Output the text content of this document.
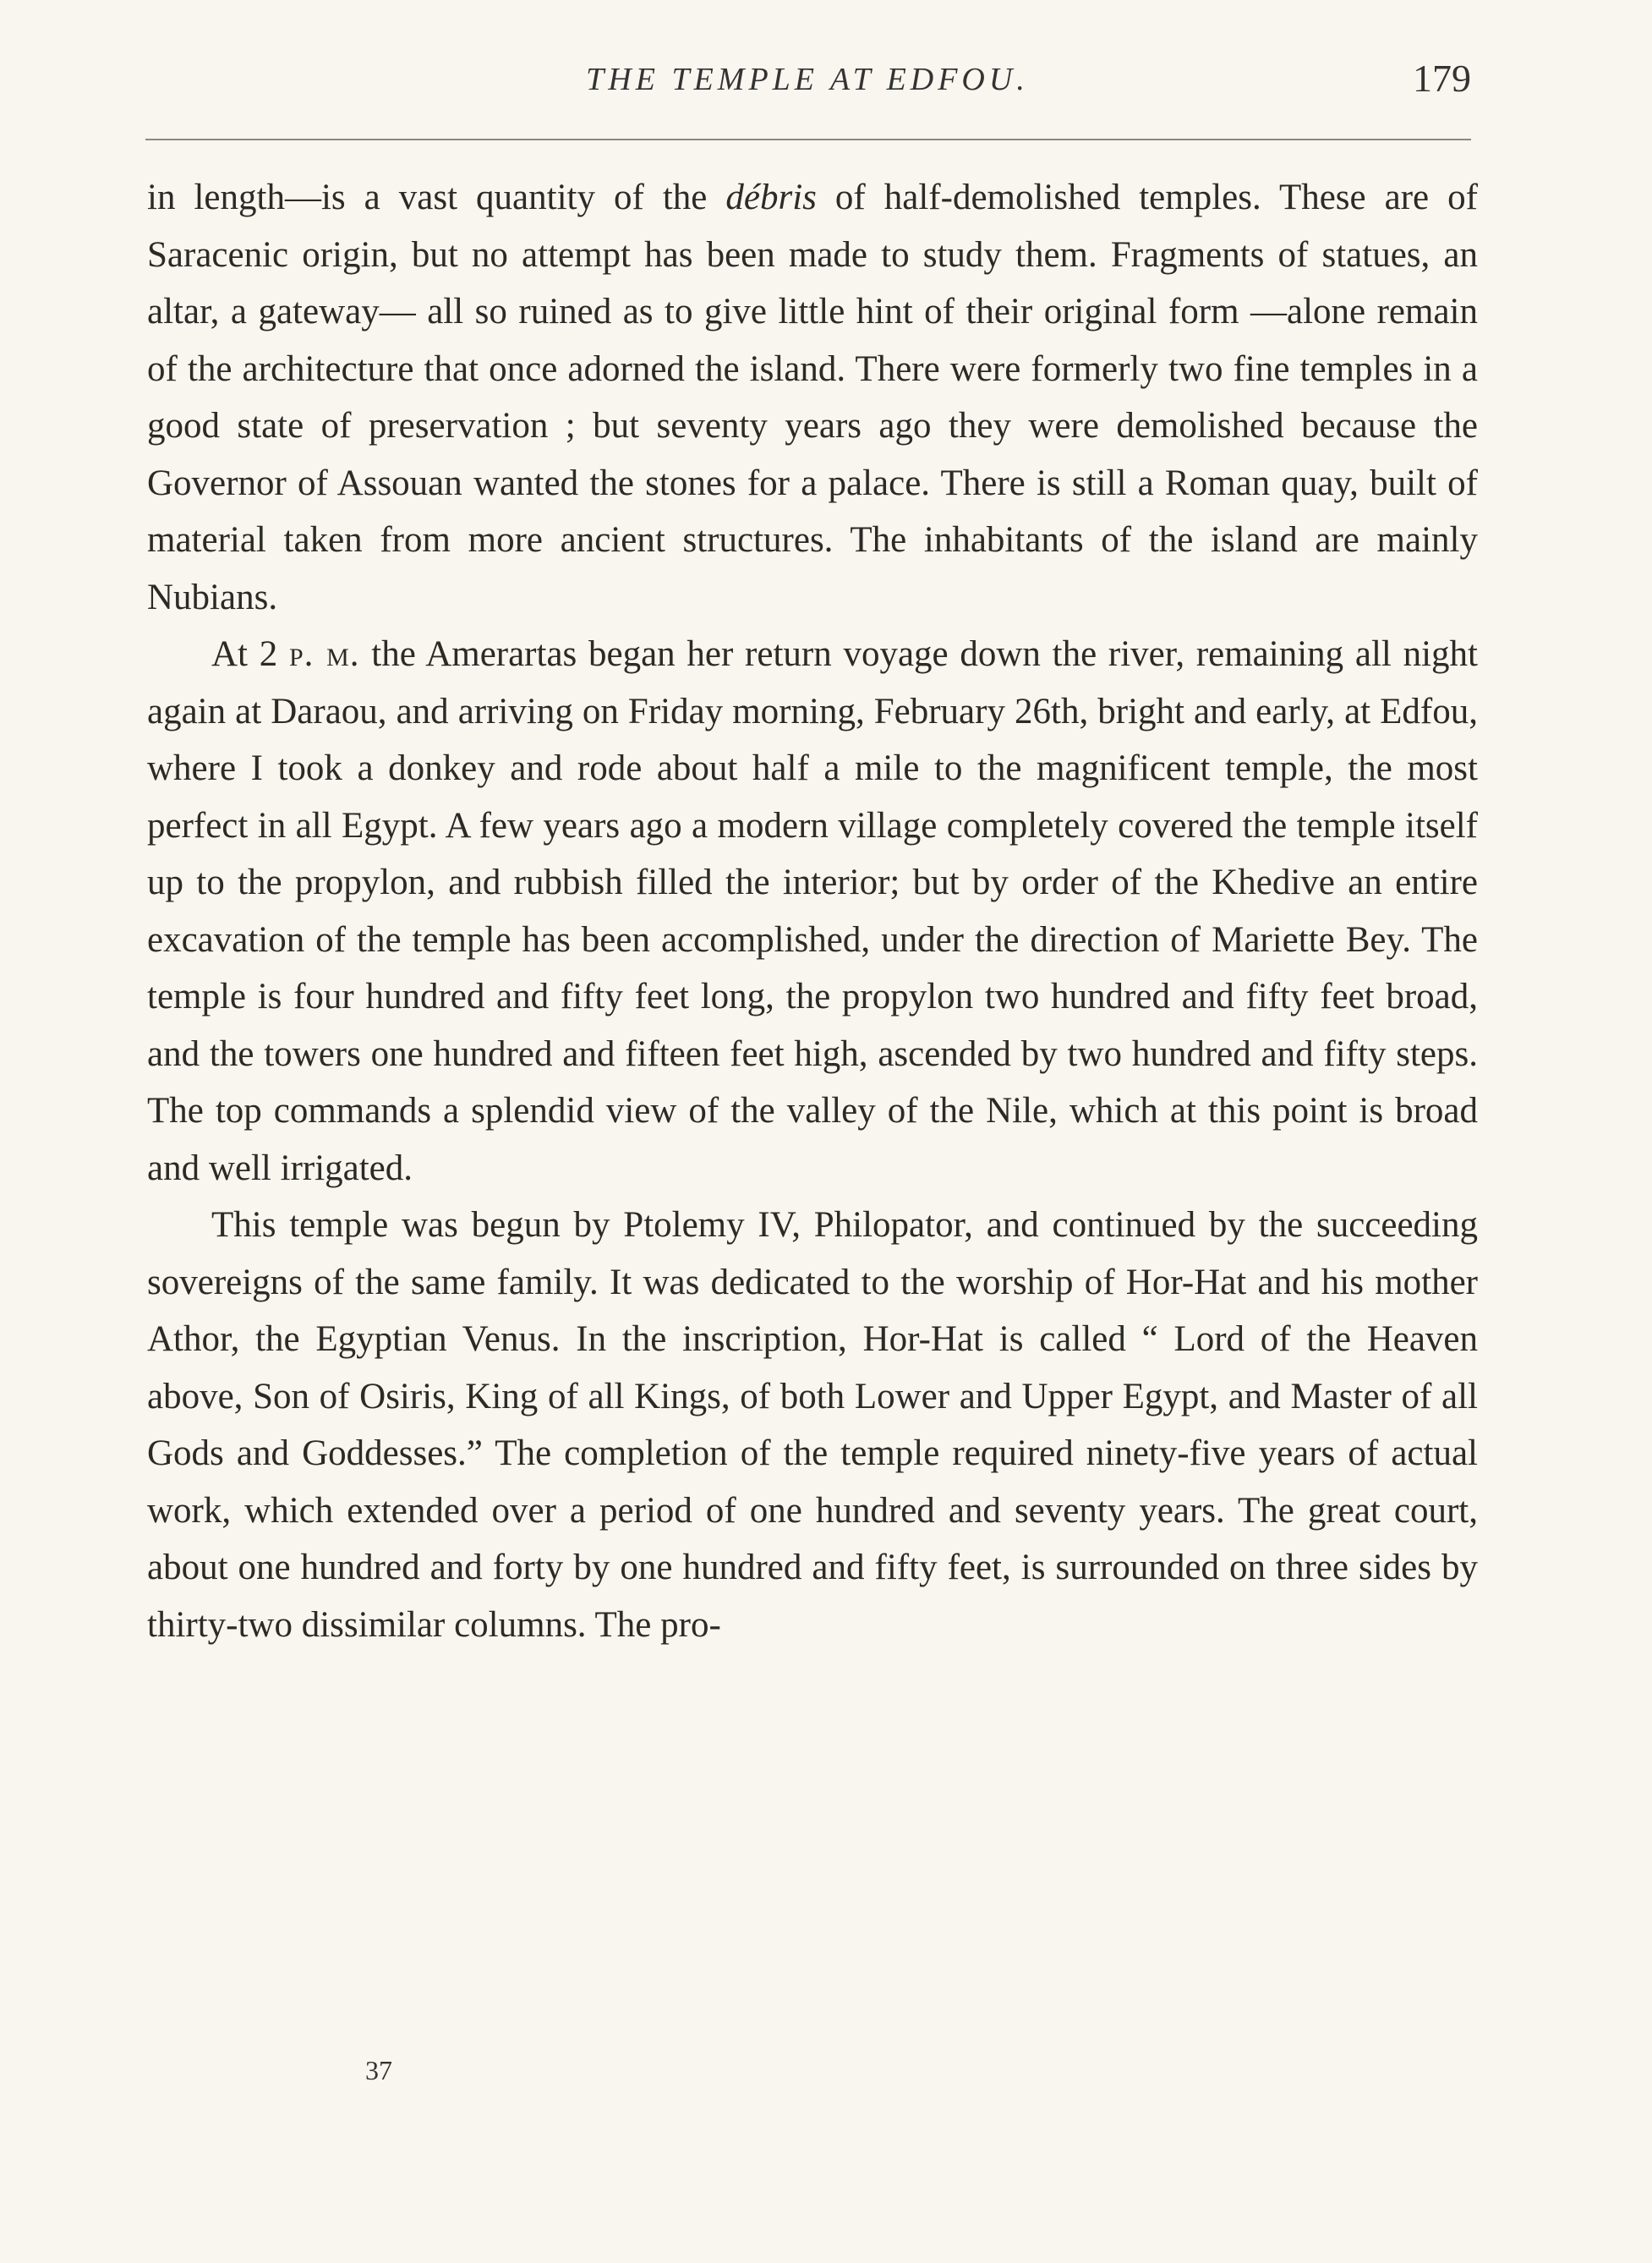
THE TEMPLE AT EDFOU.	179

in length—is a vast quantity of the débris of half-demolished temples. These are of Saracenic origin, but no attempt has been made to study them. Fragments of statues, an altar, a gateway— all so ruined as to give little hint of their original form —alone remain of the architecture that once adorned the island. There were formerly two fine temples in a good state of preservation ; but seventy years ago they were demolished because the Governor of Assouan wanted the stones for a palace. There is still a Roman quay, built of material taken from more ancient structures. The inhabitants of the island are mainly Nubians.

At 2 p. m. the Amerartas began her return voyage down the river, remaining all night again at Daraou, and arriving on Friday morning, February 26th, bright and early, at Edfou, where I took a donkey and rode about half a mile to the magnificent temple, the most perfect in all Egypt. A few years ago a modern village completely covered the temple itself up to the propylon, and rubbish filled the interior; but by order of the Khedive an entire excavation of the temple has been accomplished, under the direction of Mariette Bey. The temple is four hundred and fifty feet long, the propylon two hundred and fifty feet broad, and the towers one hundred and fifteen feet high, ascended by two hundred and fifty steps. The top commands a splendid view of the valley of the Nile, which at this point is broad and well irrigated.

This temple was begun by Ptolemy IV, Philopator, and continued by the succeeding sovereigns of the same family. It was dedicated to the worship of Hor-Hat and his mother Athor, the Egyptian Venus. In the inscription, Hor-Hat is called “ Lord of the Heaven above, Son of Osiris, King of all Kings, of both Lower and Upper Egypt, and Master of all Gods and Goddesses.” The completion of the temple required ninety-five years of actual work, which extended over a period of one hundred and seventy years. The great court, about one hundred and forty by one hundred and fifty feet, is surrounded on three sides by thirty-two dissimilar columns. The pro-

37
